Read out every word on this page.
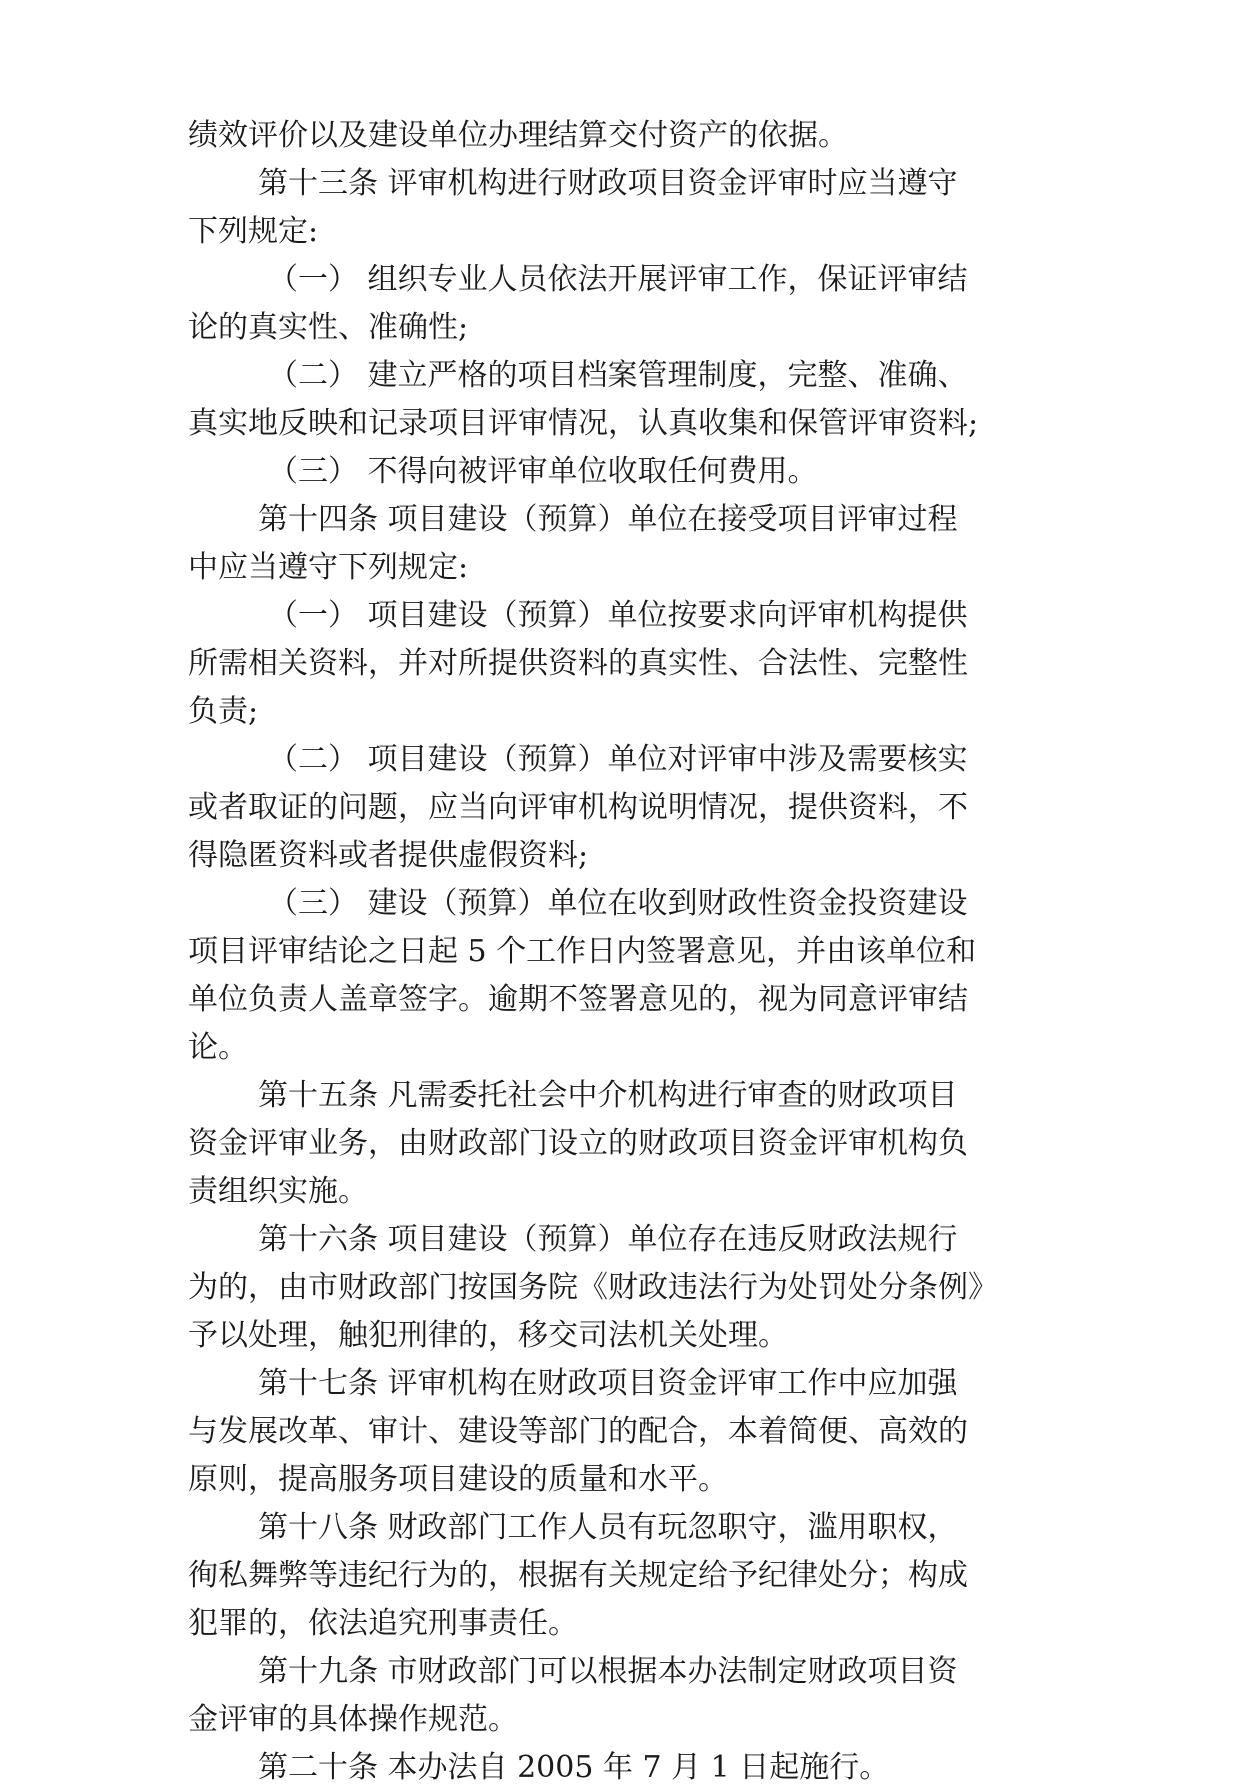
绩效评价以及建设单位办理结算交付资产的依据。
第十三条 评审机构进行财政项目资金评审时应当遵守
下列规定:
（一） 组织专业人员依法开展评审工作，保证评审结
论的真实性、准确性;
（二） 建立严格的项目档案管理制度，完整、准确、
真实地反映和记录项目评审情况，认真收集和保管评审资料;
（三） 不得向被评审单位收取任何费用。
第十四条 项目建设（预算）单位在接受项目评审过程
中应当遵守下列规定:
（一） 项目建设（预算）单位按要求向评审机构提供
所需相关资料，并对所提供资料的真实性、合法性、完整性
负责;
（二） 项目建设（预算）单位对评审中涉及需要核实
或者取证的问题，应当向评审机构说明情况，提供资料，不
得隐匿资料或者提供虚假资料;
（三） 建设（预算）单位在收到财政性资金投资建设
项目评审结论之日起 5 个工作日内签署意见，并由该单位和
单位负责人盖章签字。逾期不签署意见的，视为同意评审结
论。
第十五条 凡需委托社会中介机构进行审查的财政项目
资金评审业务，由财政部门设立的财政项目资金评审机构负
责组织实施。
第十六条 项目建设（预算）单位存在违反财政法规行
为的，由市财政部门按国务院《财政违法行为处罚处分条例》
予以处理，触犯刑律的，移交司法机关处理。
第十七条 评审机构在财政项目资金评审工作中应加强
与发展改革、审计、建设等部门的配合，本着简便、高效的
原则，提高服务项目建设的质量和水平。
第十八条 财政部门工作人员有玩忽职守，滥用职权，
徇私舞弊等违纪行为的，根据有关规定给予纪律处分；构成
犯罪的，依法追究刑事责任。
第十九条 市财政部门可以根据本办法制定财政项目资
金评审的具体操作规范。
第二十条 本办法自 2005 年 7 月 1 日起施行。
